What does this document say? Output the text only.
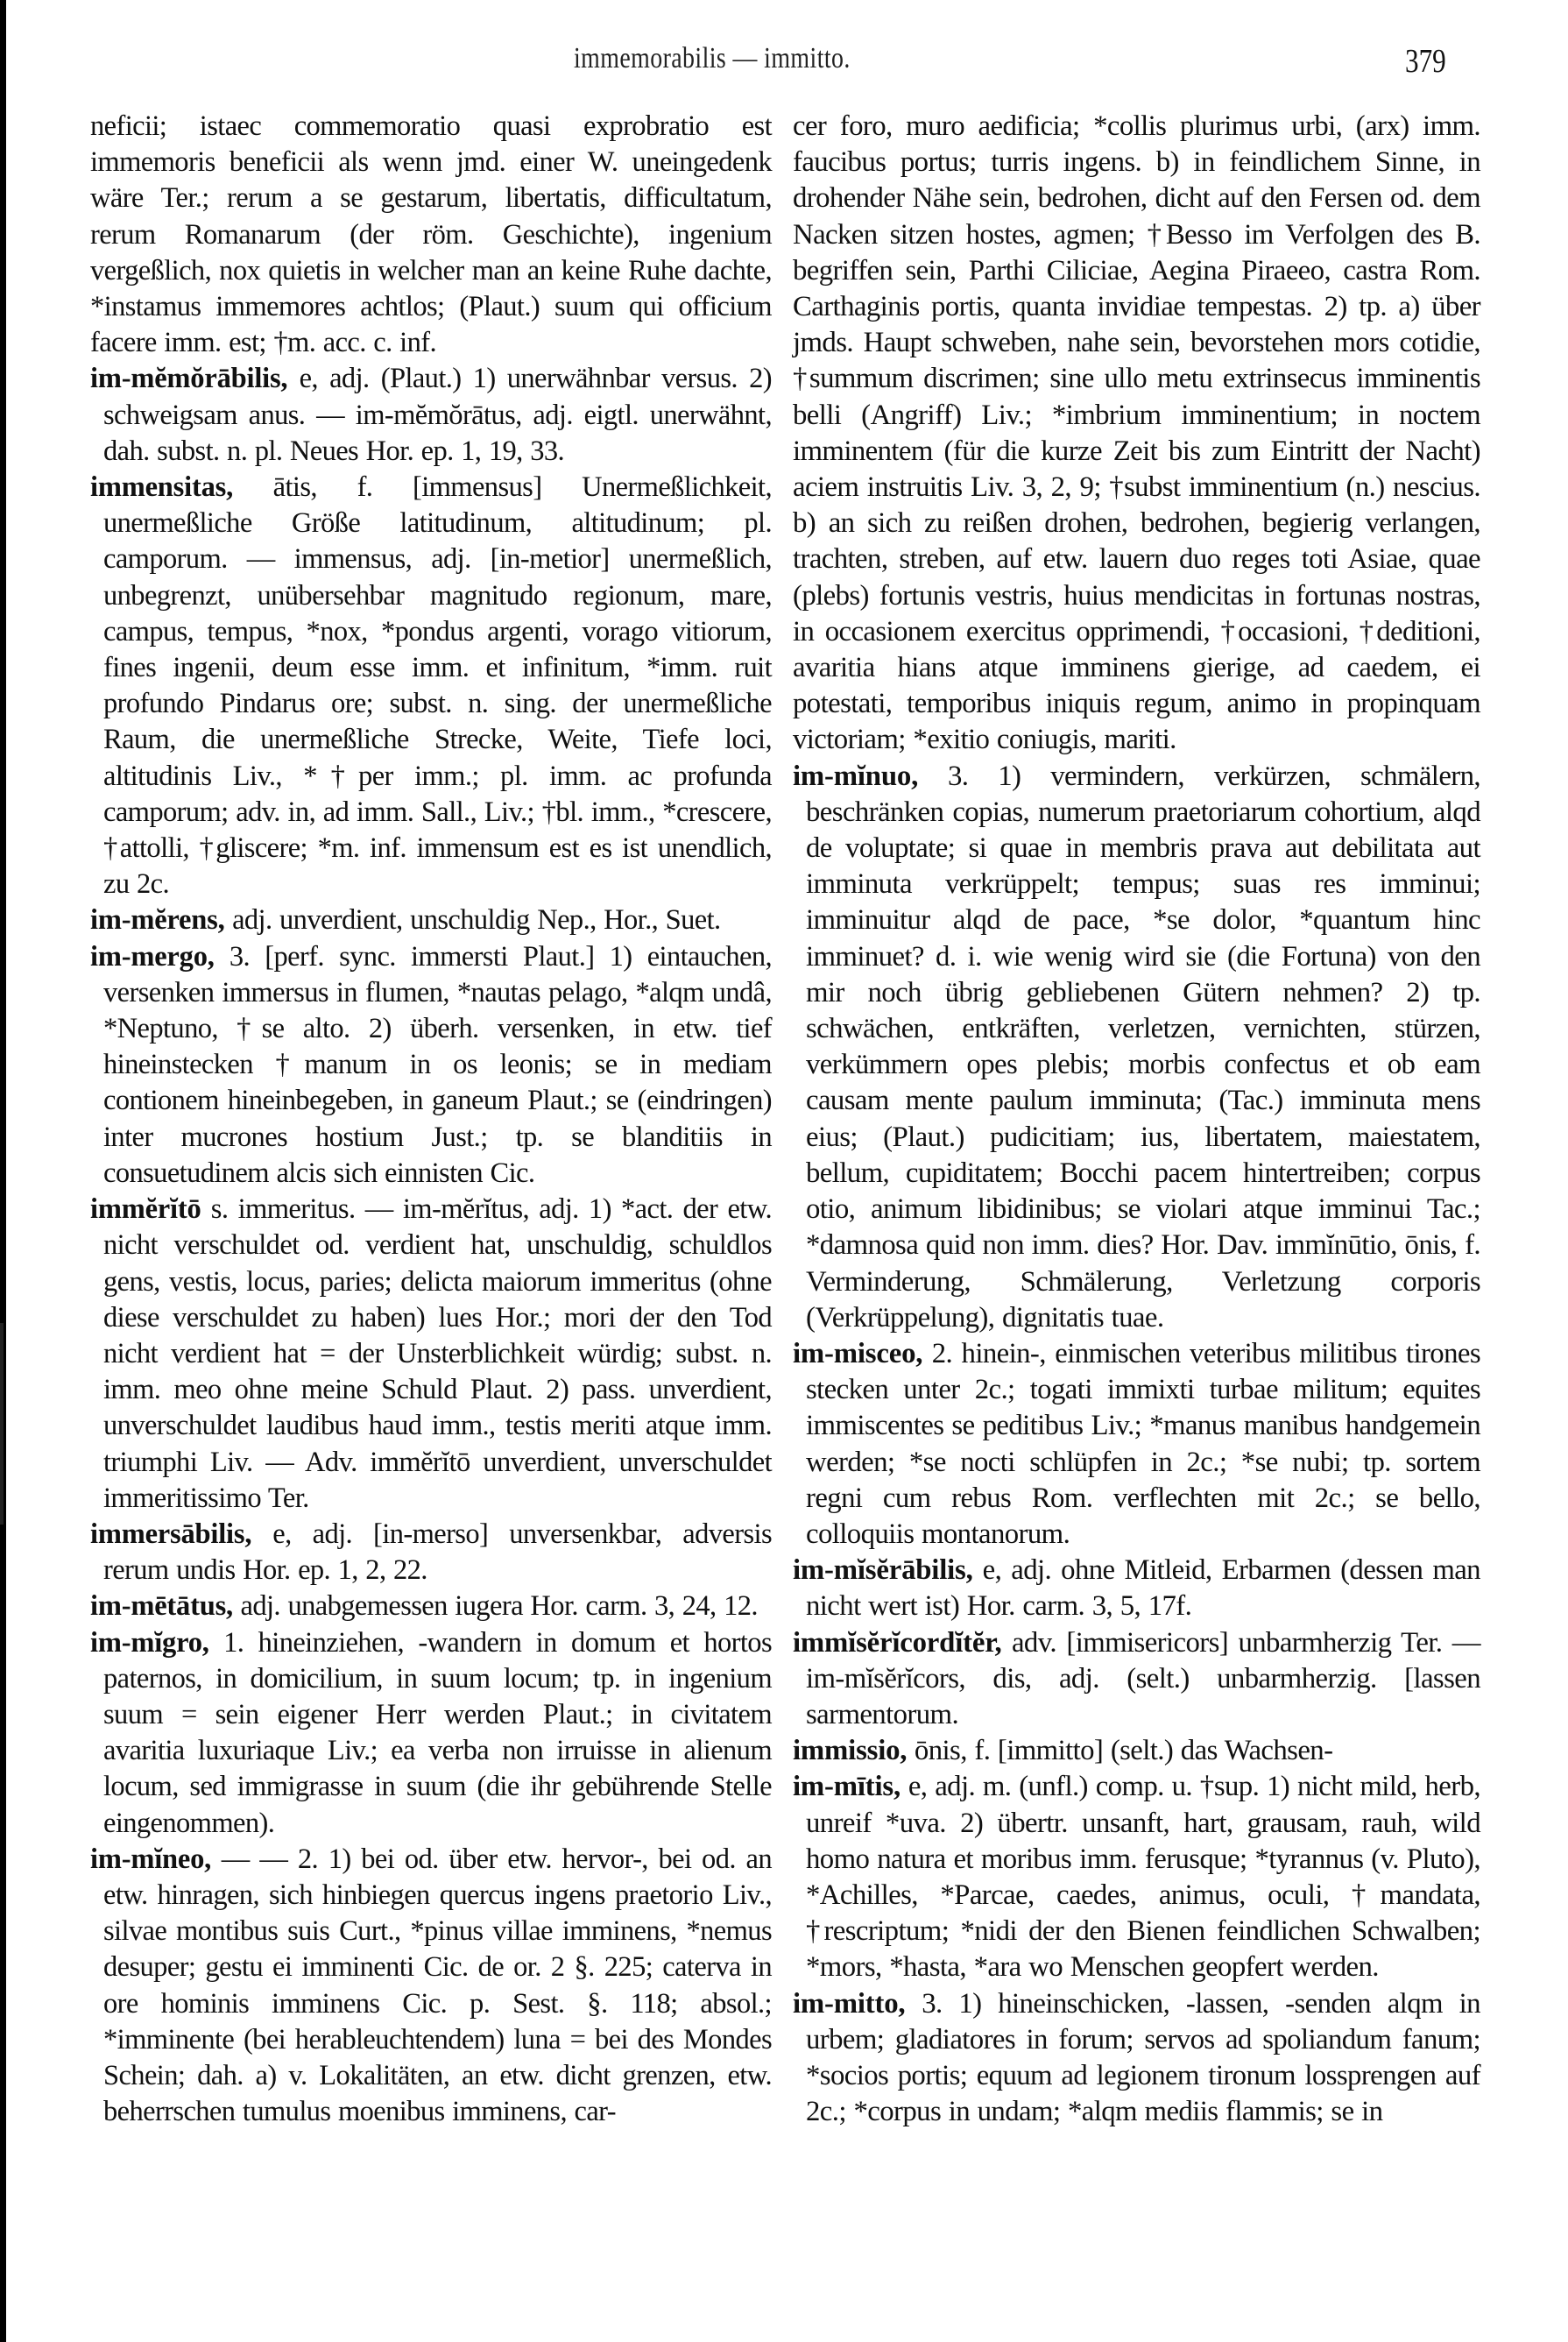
immemorabilis — immitto.	379

neficii; istaec commemoratio quasi exprobratio est immemoris beneficii als wenn jmd. einer W. uneingedenk wäre Ter.; rerum a se gestarum, libertatis, difficultatum, rerum Romanarum (der röm. Geschichte), ingenium vergeßlich, nox quietis in welcher man an keine Ruhe dachte, *instamus immemores achtlos; (Plaut.) suum qui officium facere imm. est; †m. acc. c. inf.

im-mĕmŏrābilis, e, adj. (Plaut.) 1) unerwähnbar versus. 2) schweigsam anus. — im-mĕmŏrātus, adj. eigtl. unerwähnt, dah. subst. n. pl. Neues Hor. ep. 1, 19, 33.

immensitas, ātis, f. [immensus] Unermeßlichkeit, unermeßliche Größe latitudinum, altitudinum; pl. camporum. — immensus, adj. [in-metior] unermeßlich, unbegrenzt, unübersehbar magnitudo regionum, mare, campus, tempus, *nox, *pondus argenti, vorago vitiorum, fines ingenii, deum esse imm. et infinitum, *imm. ruit profundo Pindarus ore; subst. n. sing. der unermeßliche Raum, die unermeßliche Strecke, Weite, Tiefe loci, altitudinis Liv., *†per imm.; pl. imm. ac profunda camporum; adv. in, ad imm. Sall., Liv.; †bl. imm., *crescere, †attolli, †gliscere; *m. inf. immensum est es ist unendlich, zu 2c.

im-mĕrens, adj. unverdient, unschuldig Nep., Hor., Suet.

im-mergo, 3. [perf. sync. immersti Plaut.] 1) eintauchen, versenken immersus in flumen, *nautas pelago, *alqm undâ, *Neptuno, †se alto. 2) überh. versenken, in etw. tief hineinstecken †manum in os leonis; se in mediam contionem hineinbegeben, in ganeum Plaut.; se (eindringen) inter mucrones hostium Just.; tp. se blanditiis in consuetudinem alcis sich einnisten Cic.

immĕrĭtō s. immeritus. — im-mĕrĭtus, adj. 1) *act. der etw. nicht verschuldet od. verdient hat, unschuldig, schuldlos gens, vestis, locus, paries; delicta maiorum immeritus (ohne diese verschuldet zu haben) lues Hor.; mori der den Tod nicht verdient hat = der Unsterblichkeit würdig; subst. n. imm. meo ohne meine Schuld Plaut. 2) pass. unverdient, unverschuldet laudibus haud imm., testis meriti atque imm. triumphi Liv. — Adv. immĕrĭtō unverdient, unverschuldet immeritissimo Ter.

immersābilis, e, adj. [in-merso] unversenkbar, adversis rerum undis Hor. ep. 1, 2, 22.

im-mētātus, adj. unabgemessen iugera Hor. carm. 3, 24, 12.

im-mĭgro, 1. hineinziehen, -wandern in domum et hortos paternos, in domicilium, in suum locum; tp. in ingenium suum = sein eigener Herr werden Plaut.; in civitatem avaritia luxuriaque Liv.; ea verba non irruisse in alienum locum, sed immigrasse in suum (die ihr gebührende Stelle eingenommen).

im-mĭneo, — — 2. 1) bei od. über etw. hervor-, bei od. an etw. hinragen, sich hinbiegen quercus ingens praetorio Liv., silvae montibus suis Curt., *pinus villae imminens, *nemus desuper; gestu ei imminenti Cic. de or. 2 §. 225; caterva in ore hominis imminens Cic. p. Sest. §. 118; absol.; *imminente (bei herableuchtendem) luna = bei des Mondes Schein; dah. a) v. Lokalitäten, an etw. dicht grenzen, etw. beherrschen tumulus moenibus imminens, car-

cer foro, muro aedificia; *collis plurimus urbi, (arx) imm. faucibus portus; turris ingens. b) in feindlichem Sinne, in drohender Nähe sein, bedrohen, dicht auf den Fersen od. dem Nacken sitzen hostes, agmen; †Besso im Verfolgen des B. begriffen sein, Parthi Ciliciae, Aegina Piraeeo, castra Rom. Carthaginis portis, quanta invidiae tempestas. 2) tp. a) über jmds. Haupt schweben, nahe sein, bevorstehen mors cotidie, †summum discrimen; sine ullo metu extrinsecus imminentis belli (Angriff) Liv.; *imbrium imminentium; in noctem imminentem (für die kurze Zeit bis zum Eintritt der Nacht) aciem instruitis Liv. 3, 2, 9; †subst imminentium (n.) nescius. b) an sich zu reißen drohen, bedrohen, begierig verlangen, trachten, streben, auf etw. lauern duo reges toti Asiae, quae (plebs) fortunis vestris, huius mendicitas in fortunas nostras, in occasionem exercitus opprimendi, †occasioni, †deditioni, avaritia hians atque imminens gierige, ad caedem, ei potestati, temporibus iniquis regum, animo in propinquam victoriam; *exitio coniugis, mariti.

im-mĭnuo, 3. 1) vermindern, verkürzen, schmälern, beschränken copias, numerum praetoriarum cohortium, alqd de voluptate; si quae in membris prava aut debilitata aut imminuta verkrüppelt; tempus; suas res imminui; imminuitur alqd de pace, *se dolor, *quantum hinc imminuet? d. i. wie wenig wird sie (die Fortuna) von den mir noch übrig gebliebenen Gütern nehmen? 2) tp. schwächen, entkräften, verletzen, vernichten, stürzen, verkümmern opes plebis; morbis confectus et ob eam causam mente paulum imminuta; (Tac.) imminuta mens eius; (Plaut.) pudicitiam; ius, libertatem, maiestatem, bellum, cupiditatem; Bocchi pacem hintertreiben; corpus otio, animum libidinibus; se violari atque imminui Tac.; *damnosa quid non imm. dies? Hor. Dav. immĭnūtio, ōnis, f. Verminderung, Schmälerung, Verletzung corporis (Verkrüppelung), dignitatis tuae.

im-misceo, 2. hinein-, einmischen veteribus militibus tirones stecken unter 2c.; togati immixti turbae militum; equites immiscentes se peditibus Liv.; *manus manibus handgemein werden; *se nocti schlüpfen in 2c.; *se nubi; tp. sortem regni cum rebus Rom. verflechten mit 2c.; se bello, colloquiis montanorum.

im-mĭsĕrābilis, e, adj. ohne Mitleid, Erbarmen (dessen man nicht wert ist) Hor. carm. 3, 5, 17f.

immĭsĕrĭcordĭtĕr, adv. [immisericors] unbarmherzig Ter. — im-mĭsĕrĭcors, dis, adj. (selt.) unbarmherzig. [lassen sarmentorum.

immissio, ōnis, f. [immitto] (selt.) das Wachsen-

im-mītis, e, adj. m. (unfl.) comp. u. †sup. 1) nicht mild, herb, unreif *uva. 2) übertr. unsanft, hart, grausam, rauh, wild homo natura et moribus imm. ferusque; *tyrannus (v. Pluto), *Achilles, *Parcae, caedes, animus, oculi, †mandata, †rescriptum; *nidi der den Bienen feindlichen Schwalben; *mors, *hasta, *ara wo Menschen geopfert werden.

im-mitto, 3. 1) hineinschicken, -lassen, -senden alqm in urbem; gladiatores in forum; servos ad spoliandum fanum; *socios portis; equum ad legionem tironum lossprengen auf 2c.; *corpus in undam; *alqm mediis flammis; se in
